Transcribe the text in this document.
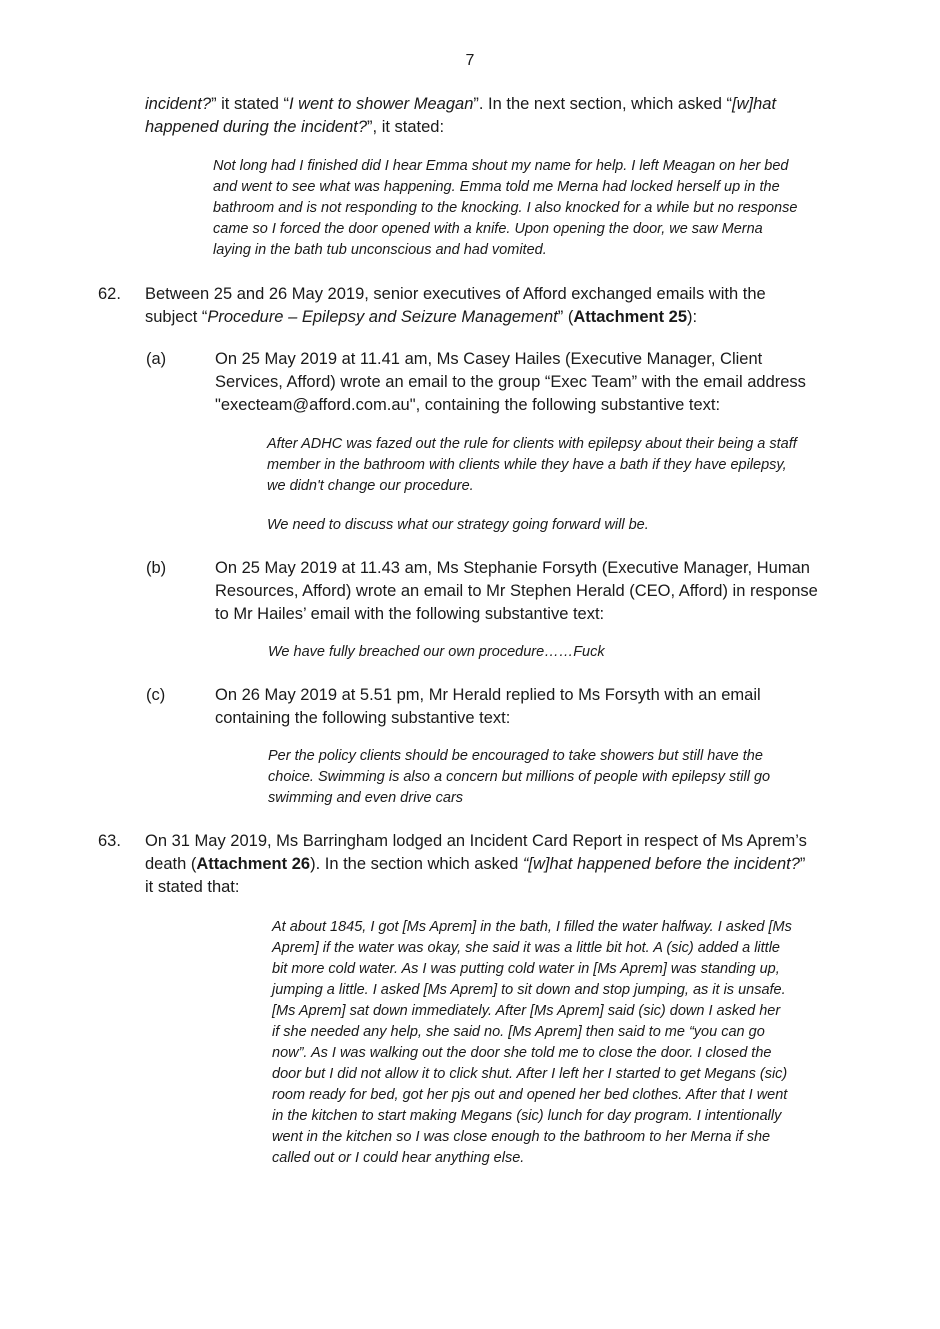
7
incident?” it stated “I went to shower Meagan”. In the next section, which asked “[w]hat
happened during the incident?”, it stated:
Not long had I finished did I hear Emma shout my name for help. I left Meagan on her bed
and went to see what was happening. Emma told me Merna had locked herself up in the
bathroom and is not responding to the knocking. I also knocked for a while but no response
came so I forced the door opened with a knife. Upon opening the door, we saw Merna
laying in the bath tub unconscious and had vomited.
62. Between 25 and 26 May 2019, senior executives of Afford exchanged emails with the
subject “Procedure – Epilepsy and Seizure Management” (Attachment 25):
(a)	On 25 May 2019 at 11.41 am, Ms Casey Hailes (Executive Manager, Client
Services, Afford) wrote an email to the group “Exec Team” with the email address
"execteam@afford.com.au", containing the following substantive text:
After ADHC was fazed out the rule for clients with epilepsy about their being a staff
member in the bathroom with clients while they have a bath if they have epilepsy,
we didn't change our procedure.
We need to discuss what our strategy going forward will be.
(b)	On 25 May 2019 at 11.43 am, Ms Stephanie Forsyth (Executive Manager, Human
Resources, Afford) wrote an email to Mr Stephen Herald (CEO, Afford) in response
to Mr Hailes’ email with the following substantive text:
We have fully breached our own procedure……Fuck
(c)	On 26 May 2019 at 5.51 pm, Mr Herald replied to Ms Forsyth with an email
containing the following substantive text:
Per the policy clients should be encouraged to take showers but still have the
choice. Swimming is also a concern but millions of people with epilepsy still go
swimming and even drive cars
63. On 31 May 2019, Ms Barringham lodged an Incident Card Report in respect of Ms Aprem’s
death (Attachment 26). In the section which asked “[w]hat happened before the incident?”
it stated that:
At about 1845, I got [Ms Aprem] in the bath, I filled the water halfway. I asked [Ms
Aprem] if the water was okay, she said it was a little bit hot. A (sic) added a little
bit more cold water. As I was putting cold water in [Ms Aprem] was standing up,
jumping a little. I asked [Ms Aprem] to sit down and stop jumping, as it is unsafe.
[Ms Aprem] sat down immediately. After [Ms Aprem] said (sic) down I asked her
if she needed any help, she said no. [Ms Aprem] then said to me “you can go
now”. As I was walking out the door she told me to close the door. I closed the
door but I did not allow it to click shut. After I left her I started to get Megans (sic)
room ready for bed, got her pjs out and opened her bed clothes. After that I went
in the kitchen to start making Megans (sic) lunch for day program. I intentionally
went in the kitchen so I was close enough to the bathroom to her Merna if she
called out or I could hear anything else.
